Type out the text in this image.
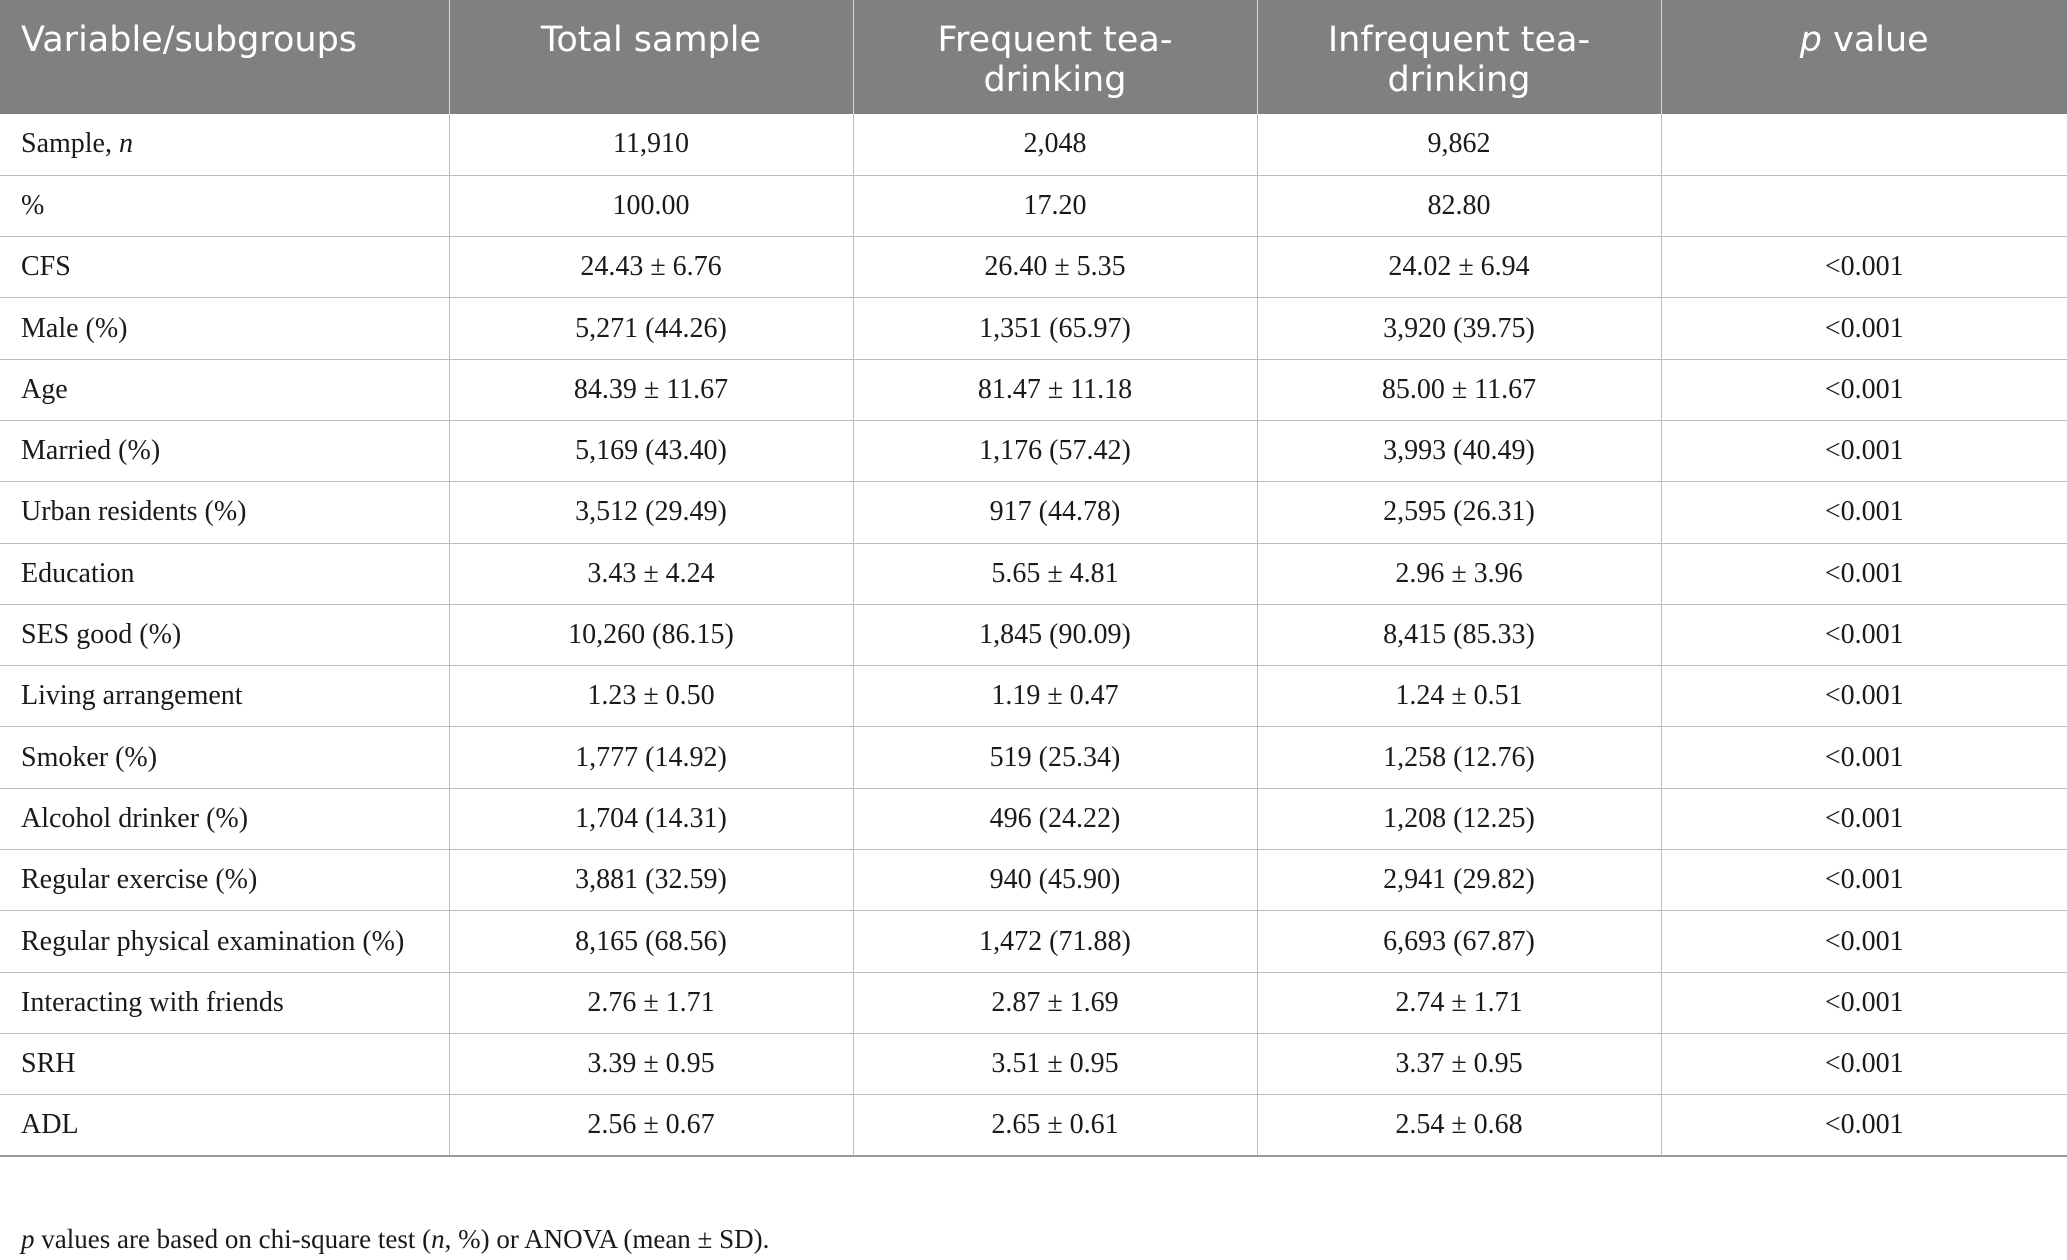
Variable/subgroups	Total sample	Frequent tea-drinking	Infrequent tea-drinking	p value

Sample, n	11,910	2,048	9,862	
%	100.00	17.20	82.80	
CFS	24.43 ± 6.76	26.40 ± 5.35	24.02 ± 6.94	<0.001
Male (%)	5,271 (44.26)	1,351 (65.97)	3,920 (39.75)	<0.001
Age	84.39 ± 11.67	81.47 ± 11.18	85.00 ± 11.67	<0.001
Married (%)	5,169 (43.40)	1,176 (57.42)	3,993 (40.49)	<0.001
Urban residents (%)	3,512 (29.49)	917 (44.78)	2,595 (26.31)	<0.001
Education	3.43 ± 4.24	5.65 ± 4.81	2.96 ± 3.96	<0.001
SES good (%)	10,260 (86.15)	1,845 (90.09)	8,415 (85.33)	<0.001
Living arrangement	1.23 ± 0.50	1.19 ± 0.47	1.24 ± 0.51	<0.001
Smoker (%)	1,777 (14.92)	519 (25.34)	1,258 (12.76)	<0.001
Alcohol drinker (%)	1,704 (14.31)	496 (24.22)	1,208 (12.25)	<0.001
Regular exercise (%)	3,881 (32.59)	940 (45.90)	2,941 (29.82)	<0.001
Regular physical examination (%)	8,165 (68.56)	1,472 (71.88)	6,693 (67.87)	<0.001
Interacting with friends	2.76 ± 1.71	2.87 ± 1.69	2.74 ± 1.71	<0.001
SRH	3.39 ± 0.95	3.51 ± 0.95	3.37 ± 0.95	<0.001
ADL	2.56 ± 0.67	2.65 ± 0.61	2.54 ± 0.68	<0.001

p values are based on chi-square test (n, %) or ANOVA (mean ± SD).
